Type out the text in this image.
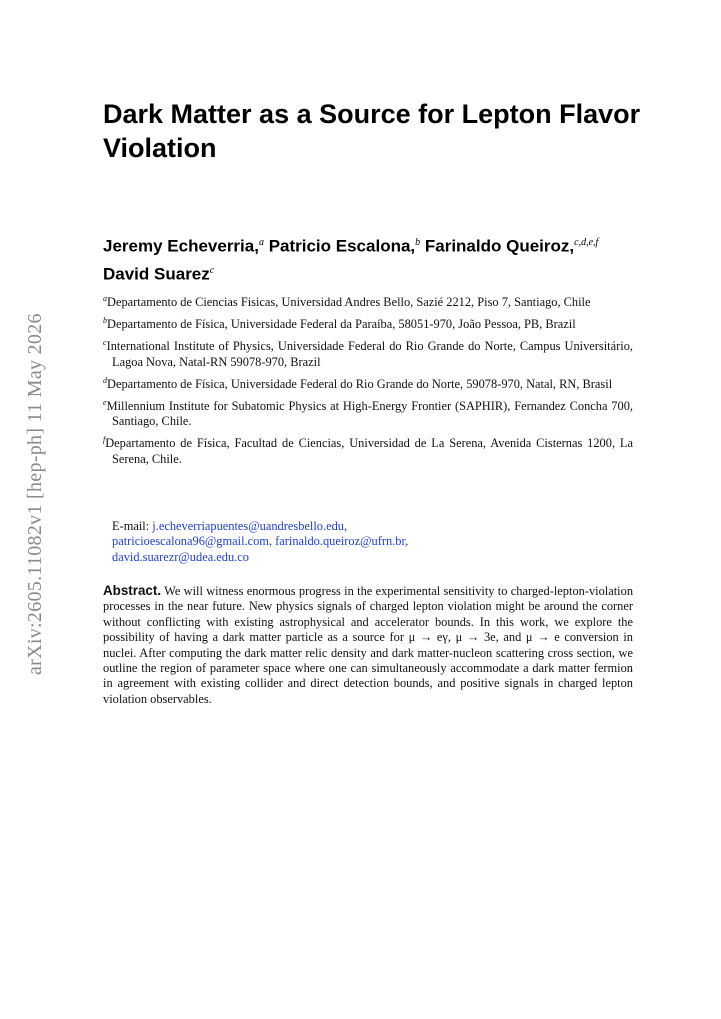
arXiv:2605.11082v1 [hep-ph] 11 May 2026
Dark Matter as a Source for Lepton Flavor Violation
Jeremy Echeverria,$^a$ Patricio Escalona,$^b$ Farinaldo Queiroz,$^{c,d,e,f}$ David Suarez$^c$

$^a$Departamento de Ciencias Fisicas, Universidad Andres Bello, Sazié 2212, Piso 7, Santiago, Chile

$^b$Departamento de Física, Universidade Federal da Paraíba, 58051-970, João Pessoa, PB, Brazil

$^c$International Institute of Physics, Universidade Federal do Rio Grande do Norte, Campus Universitário, Lagoa Nova, Natal-RN 59078-970, Brazil

$^d$Departamento de Física, Universidade Federal do Rio Grande do Norte, 59078-970, Natal, RN, Brasil

$^e$Millennium Institute for Subatomic Physics at High-Energy Frontier (SAPHIR), Fernandez Concha 700, Santiago, Chile.

$^f$Departamento de Física, Facultad de Ciencias, Universidad de La Serena, Avenida Cisternas 1200, La Serena, Chile.

E-mail: j.echeverriapuentes@uandresbello.edu,
patricioescalona96@gmail.com, farinaldo.queiroz@ufrn.br,
david.suarezr@udea.edu.co

Abstract. We will witness enormous progress in the experimental sensitivity to charged-lepton-violation processes in the near future. New physics signals of charged lepton violation might be around the corner without conflicting with existing astrophysical and accelerator bounds. In this work, we explore the possibility of having a dark matter particle as a source for μ → eγ, μ → 3e, and μ → e conversion in nuclei. After computing the dark matter relic density and dark matter-nucleon scattering cross section, we outline the region of parameter space where one can simultaneously accommodate a dark matter fermion in agreement with existing collider and direct detection bounds, and positive signals in charged lepton violation observables.
